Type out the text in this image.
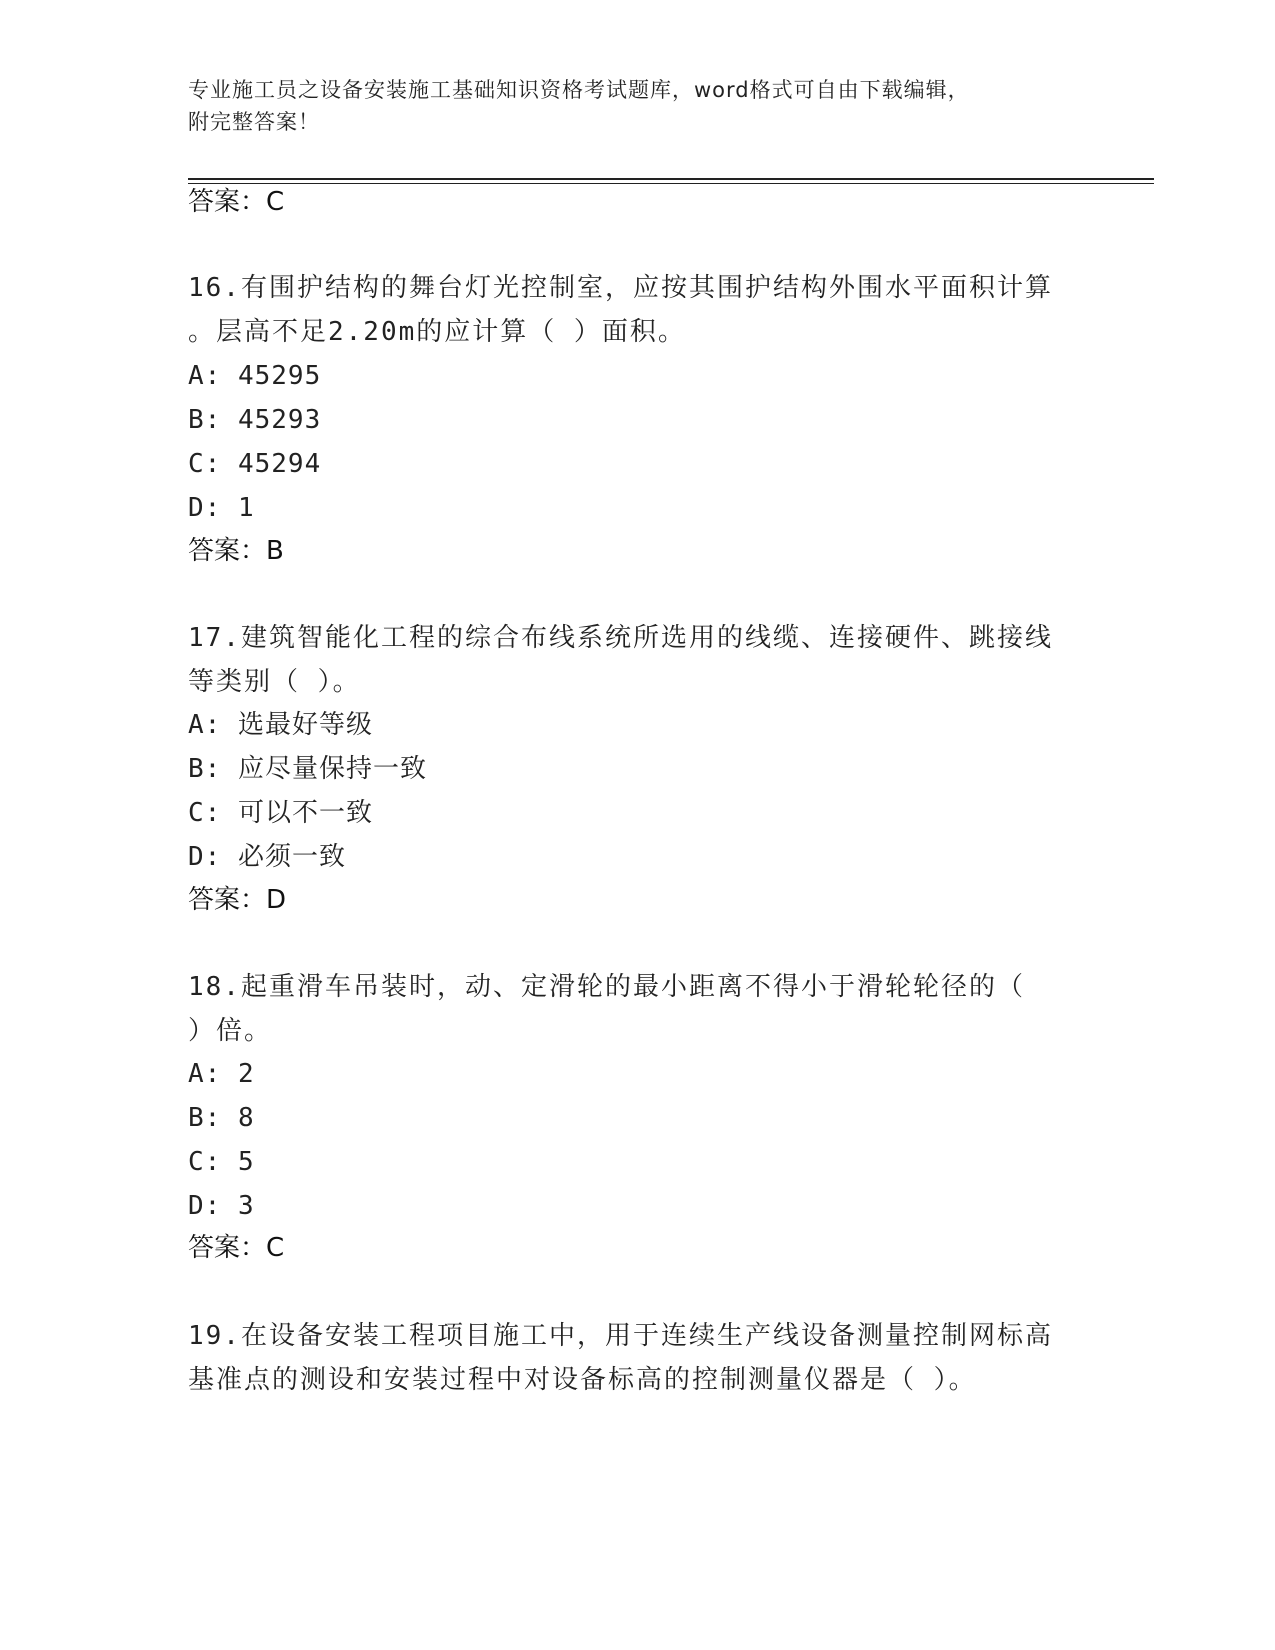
专业施工员之设备安装施工基础知识资格考试题库，word格式可自由下载编辑，
附完整答案！
答案：C
16.有围护结构的舞台灯光控制室，应按其围护结构外围水平面积计算
。层高不足2.20m的应计算（ ）面积。
A: 45295
B: 45293
C: 45294
D: 1
答案：B
17.建筑智能化工程的综合布线系统所选用的线缆、连接硬件、跳接线
等类别（ ）。
A: 选最好等级
B: 应尽量保持一致
C: 可以不一致
D: 必须一致
答案：D
18.起重滑车吊装时，动、定滑轮的最小距离不得小于滑轮轮径的（
）倍。
A: 2
B: 8
C: 5
D: 3
答案：C
19.在设备安装工程项目施工中，用于连续生产线设备测量控制网标高
基准点的测设和安装过程中对设备标高的控制测量仪器是（ ）。
